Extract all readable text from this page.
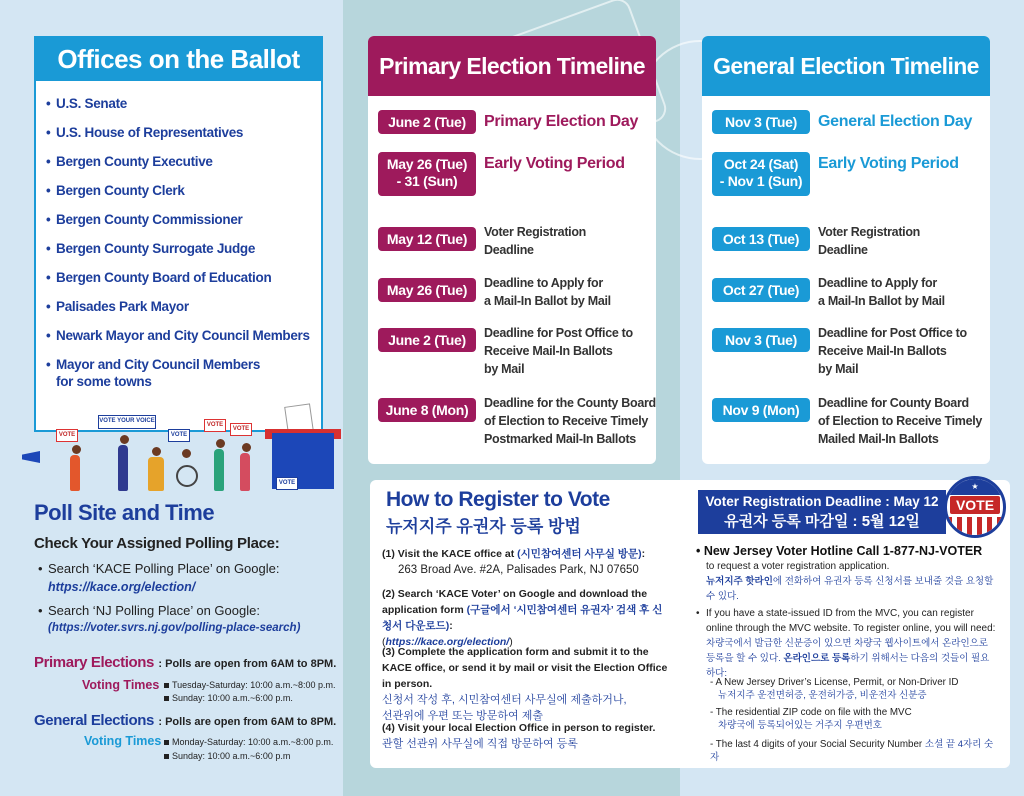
Offices on the Ballot
• U.S. Senate
• U.S. House of Representatives
• Bergen County Executive
• Bergen County Clerk
• Bergen County Commissioner
• Bergen County Surrogate Judge
• Bergen County Board of Education
• Palisades Park Mayor
• Newark Mayor and City Council Members
• Mayor and City Council Members
for some towns
VOTE
VOTE YOUR VOICE
VOTE
VOTE
VOTE
VOTE
Poll Site and Time
Check Your Assigned Polling Place:
• Search ‘KACE Polling Place’ on Google:
https://kace.org/election/
• Search ‘NJ Polling Place’ on Google:
(https://voter.svrs.nj.gov/polling-place-search)
Primary Elections : Polls are open from 6AM to 8PM.
Voting Times	Tuesday-Saturday: 10:00 a.m.~8:00 p.m.
Sunday: 10:00 a.m.~6:00 p.m.
General Elections : Polls are open from 6AM to 8PM.
Voting Times	Monday-Saturday: 10:00 a.m.~8:00 p.m.
Sunday: 10:00 a.m.~6:00 p.m
Primary Election Timeline
June 2 (Tue)	Primary Election Day
May 26 (Tue)
- 31 (Sun)
Early Voting Period
May 12 (Tue)	Voter Registration
Deadline
May 26 (Tue)	Deadline to Apply for
a Mail-In Ballot by Mail
June 2 (Tue)	Deadline for Post Office to
Receive Mail-In Ballots
by Mail
June 8 (Mon)	Deadline for the County Board
of Election to Receive Timely
Postmarked Mail-In Ballots
General Election Timeline
Nov 3 (Tue)	General Election Day
Oct 24 (Sat)
- Nov 1 (Sun)
Early Voting Period
Oct 13 (Tue)	Voter Registration
Deadline
Oct 27 (Tue)	Deadline to Apply for
a Mail-In Ballot by Mail
Nov 3 (Tue)	Deadline for Post Office to
Receive Mail-In Ballots
by Mail
Nov 9 (Mon)	Deadline for County Board
of Election to Receive Timely
Mailed Mail-In Ballots
How to Register to Vote
뉴저지주 유권자 등록 방법
(1) Visit the KACE office at (시민참여센터 사무실 방문):
263 Broad Ave. #2A, Palisades Park, NJ 07650
(2) Search ‘KACE Voter’ on Google and download the application form (구글에서 ‘시민참여센터 유권자’ 검색 후 신청서 다운로드):
(https://kace.org/election/)
(3) Complete the application form and submit it to the KACE office, or send it by mail or visit the Election Office in person.
신청서 작성 후, 시민참여센터 사무실에 제출하거나,
선관위에 우편 또는 방문하여 제출
(4) Visit your local Election Office in person to register.
관할 선관위 사무실에 직접 방문하여 등록
Voter Registration Deadline : May 12
유권자 등록 마감일 : 5월 12일
★
VOTE
• New Jersey Voter Hotline Call 1-877-NJ-VOTER
to request a voter registration application.
뉴저지주 핫라인에 전화하여 유권자 등록 신청서를 보내줄 것을 요청할 수 있다.
• If you have a state-issued ID from the MVC, you can register online through the MVC website. To register online, you will need:
차량국에서 발급한 신분증이 있으면 차량국 웹사이트에서 온라인으로
등록을 할 수 있다. 온라인으로 등록하기 위해서는 다음의 것들이 필요하다:
- A New Jersey Driver’s License, Permit, or Non-Driver ID
뉴저지주 운전면허증, 운전허가증, 비운전자 신분증
- The residential ZIP code on file with the MVC
차량국에 등록되어있는 거주지 우편번호
- The last 4 digits of your Social Security Number 소셜 끝 4자리 숫자
